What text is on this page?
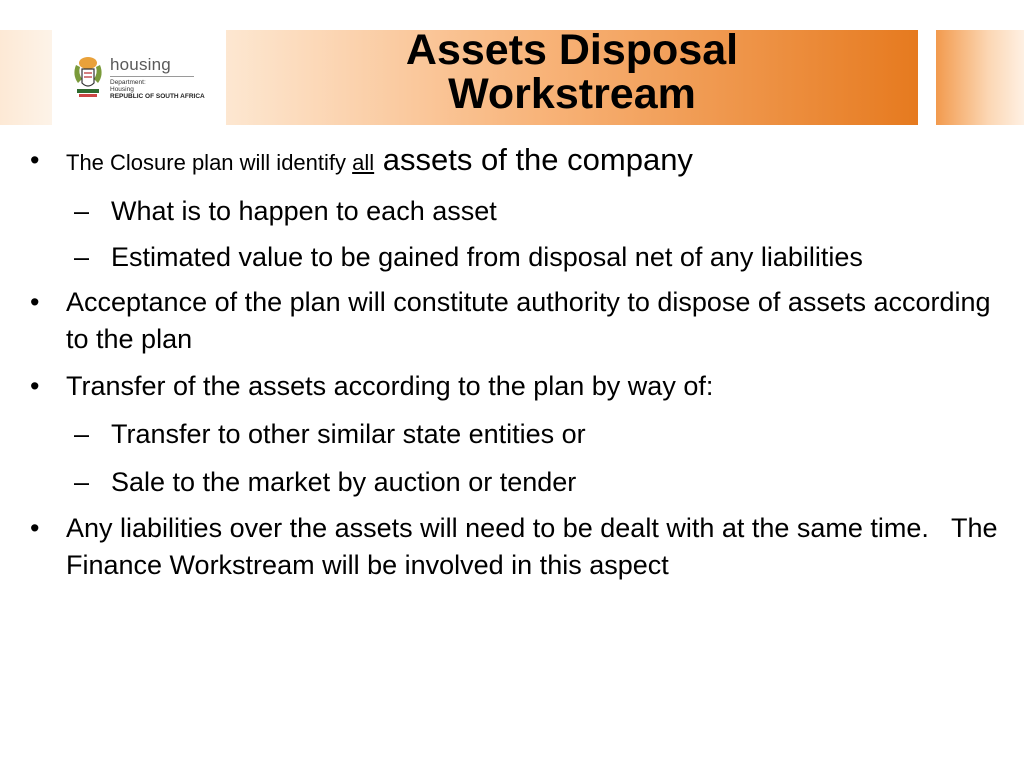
housing
Department:
Housing
REPUBLIC OF SOUTH AFRICA
Assets Disposal
Workstream
•	The Closure plan will identify all assets of the company
– What is to happen to each asset
– Estimated value to be gained from disposal net of any liabilities
• Acceptance of the plan will constitute authority to dispose of assets according to the plan
• Transfer of the assets according to the plan by way of:
– Transfer to other similar state entities or
– Sale to the market by auction or tender
• Any liabilities over the assets will need to be dealt with at the same time.   The Finance Workstream will be involved in this aspect
